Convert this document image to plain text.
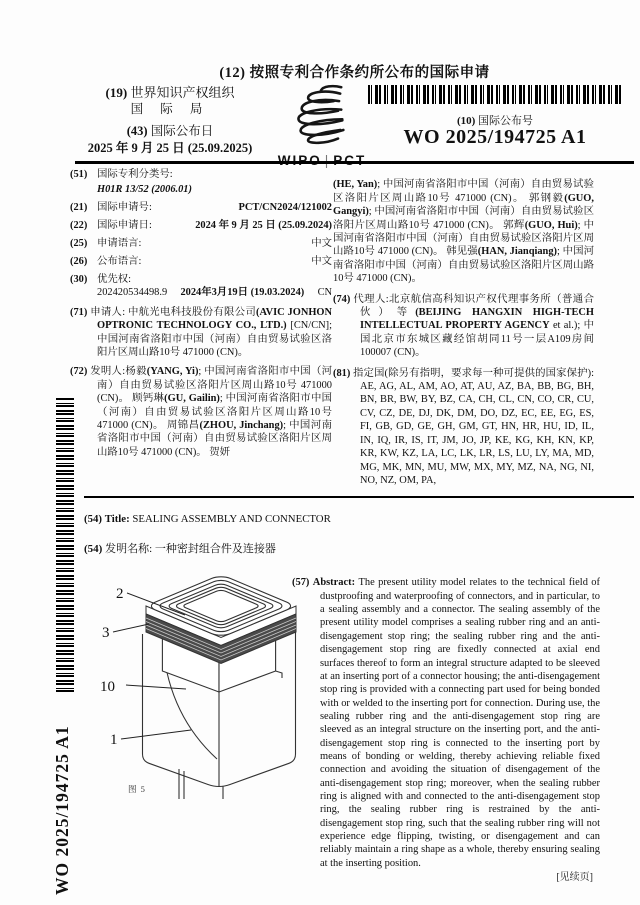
(12) 按照专利合作条约所公布的国际申请
(19) 世界知识产权组织
国 际 局
(43) 国际公布日
2025 年 9 月 25 日 (25.09.2025)
(10) 国际公布号
WO 2025/194725 A1
(51) 国际专利分类号:
H01R 13/52 (2006.01)
(21) 国际申请号:	PCT/CN2024/121002
(22) 国际申请日:	2024 年 9 月 25 日 (25.09.2024)
(25) 申请语言:	中文
(26) 公布语言:	中文
(30) 优先权:
202420534498.9 2024年3月19日 (19.03.2024) CN

(71) 申请人: 中航光电科技股份有限公司(AVIC JONHON OPTRONIC TECHNOLOGY CO., LTD.) [CN/CN]; 中国河南省洛阳市中国（河南）自由贸易试验区洛阳片区周山路10号 471000 (CN)。

(72) 发明人:杨毅(YANG, Yi); 中国河南省洛阳市中国（河南）自由贸易试验区洛阳片区周山路10号 471000 (CN)。 顾钙琳(GU, Gailin); 中国河南省洛阳市中国（河南）自由贸易试验区洛阳片区周山路10号 471000 (CN)。 周锦昌(ZHOU, Jinchang); 中国河南省洛阳市中国（河南）自由贸易试验区洛阳片区周山路10号 471000 (CN)。 贺妍

(HE, Yan); 中国河南省洛阳市中国（河南）自由贸易试验区洛阳片区周山路10号 471000 (CN)。 郭钢毅(GUO, Gangyi); 中国河南省洛阳市中国（河南）自由贸易试验区洛阳片区周山路10号 471000 (CN)。 郭辉(GUO, Hui); 中国河南省洛阳市中国（河南）自由贸易试验区洛阳片区周山路10号 471000 (CN)。 韩见强(HAN, Jianqiang); 中国河南省洛阳市中国（河南）自由贸易试验区洛阳片区周山路10号 471000 (CN)。

(74) 代理人:北京航信高科知识产权代理事务所（普通合伙）等(BEIJING HANGXIN HIGH-TECH INTELLECTUAL PROPERTY AGENCY et al.); 中国北京市东城区藏经馆胡同11号一层A109房间 100007 (CN)。

(81) 指定国(除另有指明，要求每一种可提供的国家保护): AE, AG, AL, AM, AO, AT, AU, AZ, BA, BB, BG, BH, BN, BR, BW, BY, BZ, CA, CH, CL, CN, CO, CR, CU, CV, CZ, DE, DJ, DK, DM, DO, DZ, EC, EE, EG, ES, FI, GB, GD, GE, GH, GM, GT, HN, HR, HU, ID, IL, IN, IQ, IR, IS, IT, JM, JO, JP, KE, KG, KH, KN, KP, KR, KW, KZ, LA, LC, LK, LR, LS, LU, LY, MA, MD, MG, MK, MN, MU, MW, MX, MY, MZ, NA, NG, NI, NO, NZ, OM, PA,

(54) Title: SEALING ASSEMBLY AND CONNECTOR
(54) 发明名称: 一种密封组合件及连接器
2
3
10
1
图 5

(57) Abstract: The present utility model relates to the technical field of dustproofing and waterproofing of connectors, and in particular, to a sealing assembly and a connector. The sealing assembly of the present utility model comprises a sealing rubber ring and an anti-disengagement stop ring; the sealing rubber ring and the anti-disengagement stop ring are fixedly connected at axial end surfaces thereof to form an integral structure adapted to be sleeved at an inserting port of a connector housing; the anti-disengagement stop ring is provided with a connecting part used for being bonded with or welded to the inserting port for connection. During use, the sealing rubber ring and the anti-disengagement stop ring are sleeved as an integral structure on the inserting port, and the anti-disengagement stop ring is connected to the inserting port by means of bonding or welding, thereby achieving reliable fixed connection and avoiding the situation of disengagement of the anti-disengagement stop ring; moreover, when the sealing rubber ring is aligned with and connected to the anti-disengagement stop ring, the sealing rubber ring is restrained by the anti-disengagement stop ring, such that the sealing rubber ring will not experience edge flipping, twisting, or disengagement and can reliably maintain a ring shape as a whole, thereby ensuring sealing at the inserting position.

WO 2025/194725 A1	[见续页]
